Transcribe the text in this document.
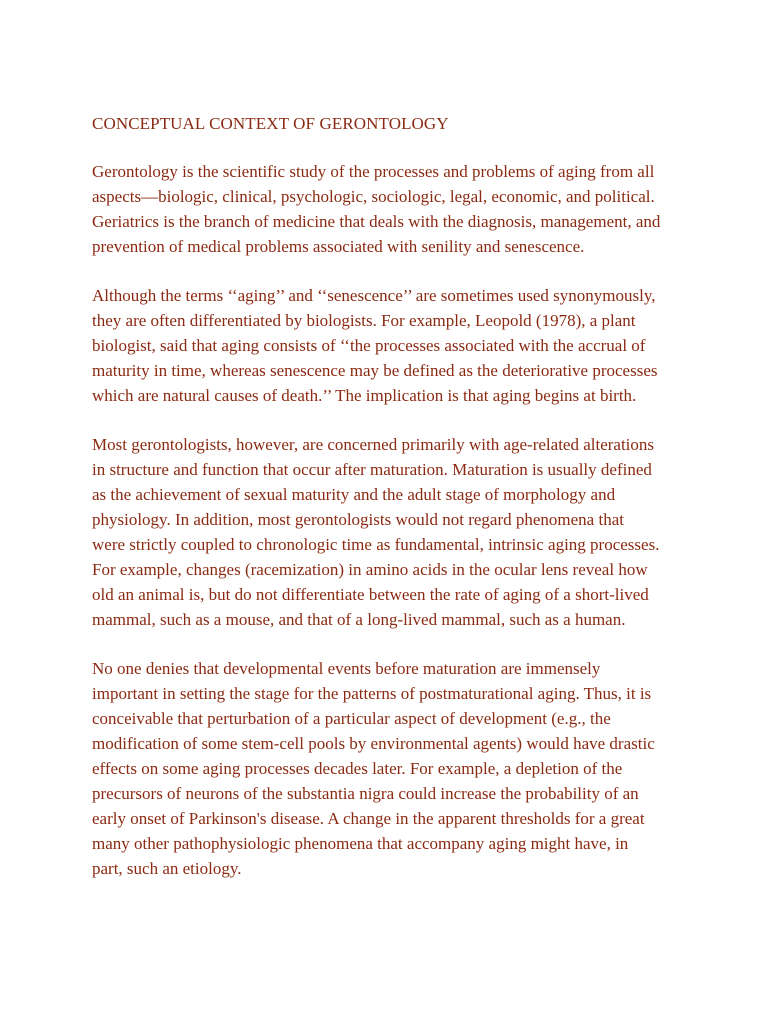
CONCEPTUAL CONTEXT OF GERONTOLOGY

Gerontology is the scientific study of the processes and problems of aging from all
aspects—biologic, clinical, psychologic, sociologic, legal, economic, and political.
Geriatrics is the branch of medicine that deals with the diagnosis, management, and
prevention of medical problems associated with senility and senescence.

Although the terms ‘‘aging’’ and ‘‘senescence’’ are sometimes used synonymously,
they are often differentiated by biologists. For example, Leopold (1978), a plant
biologist, said that aging consists of ‘‘the processes associated with the accrual of
maturity in time, whereas senescence may be defined as the deteriorative processes
which are natural causes of death.’’ The implication is that aging begins at birth.

Most gerontologists, however, are concerned primarily with age-related alterations
in structure and function that occur after maturation. Maturation is usually defined
as the achievement of sexual maturity and the adult stage of morphology and
physiology. In addition, most gerontologists would not regard phenomena that
were strictly coupled to chronologic time as fundamental, intrinsic aging processes.
For example, changes (racemization) in amino acids in the ocular lens reveal how
old an animal is, but do not differentiate between the rate of aging of a short-lived
mammal, such as a mouse, and that of a long-lived mammal, such as a human.

No one denies that developmental events before maturation are immensely
important in setting the stage for the patterns of postmaturational aging. Thus, it is
conceivable that perturbation of a particular aspect of development (e.g., the
modification of some stem-cell pools by environmental agents) would have drastic
effects on some aging processes decades later. For example, a depletion of the
precursors of neurons of the substantia nigra could increase the probability of an
early onset of Parkinson's disease. A change in the apparent thresholds for a great
many other pathophysiologic phenomena that accompany aging might have, in
part, such an etiology.
